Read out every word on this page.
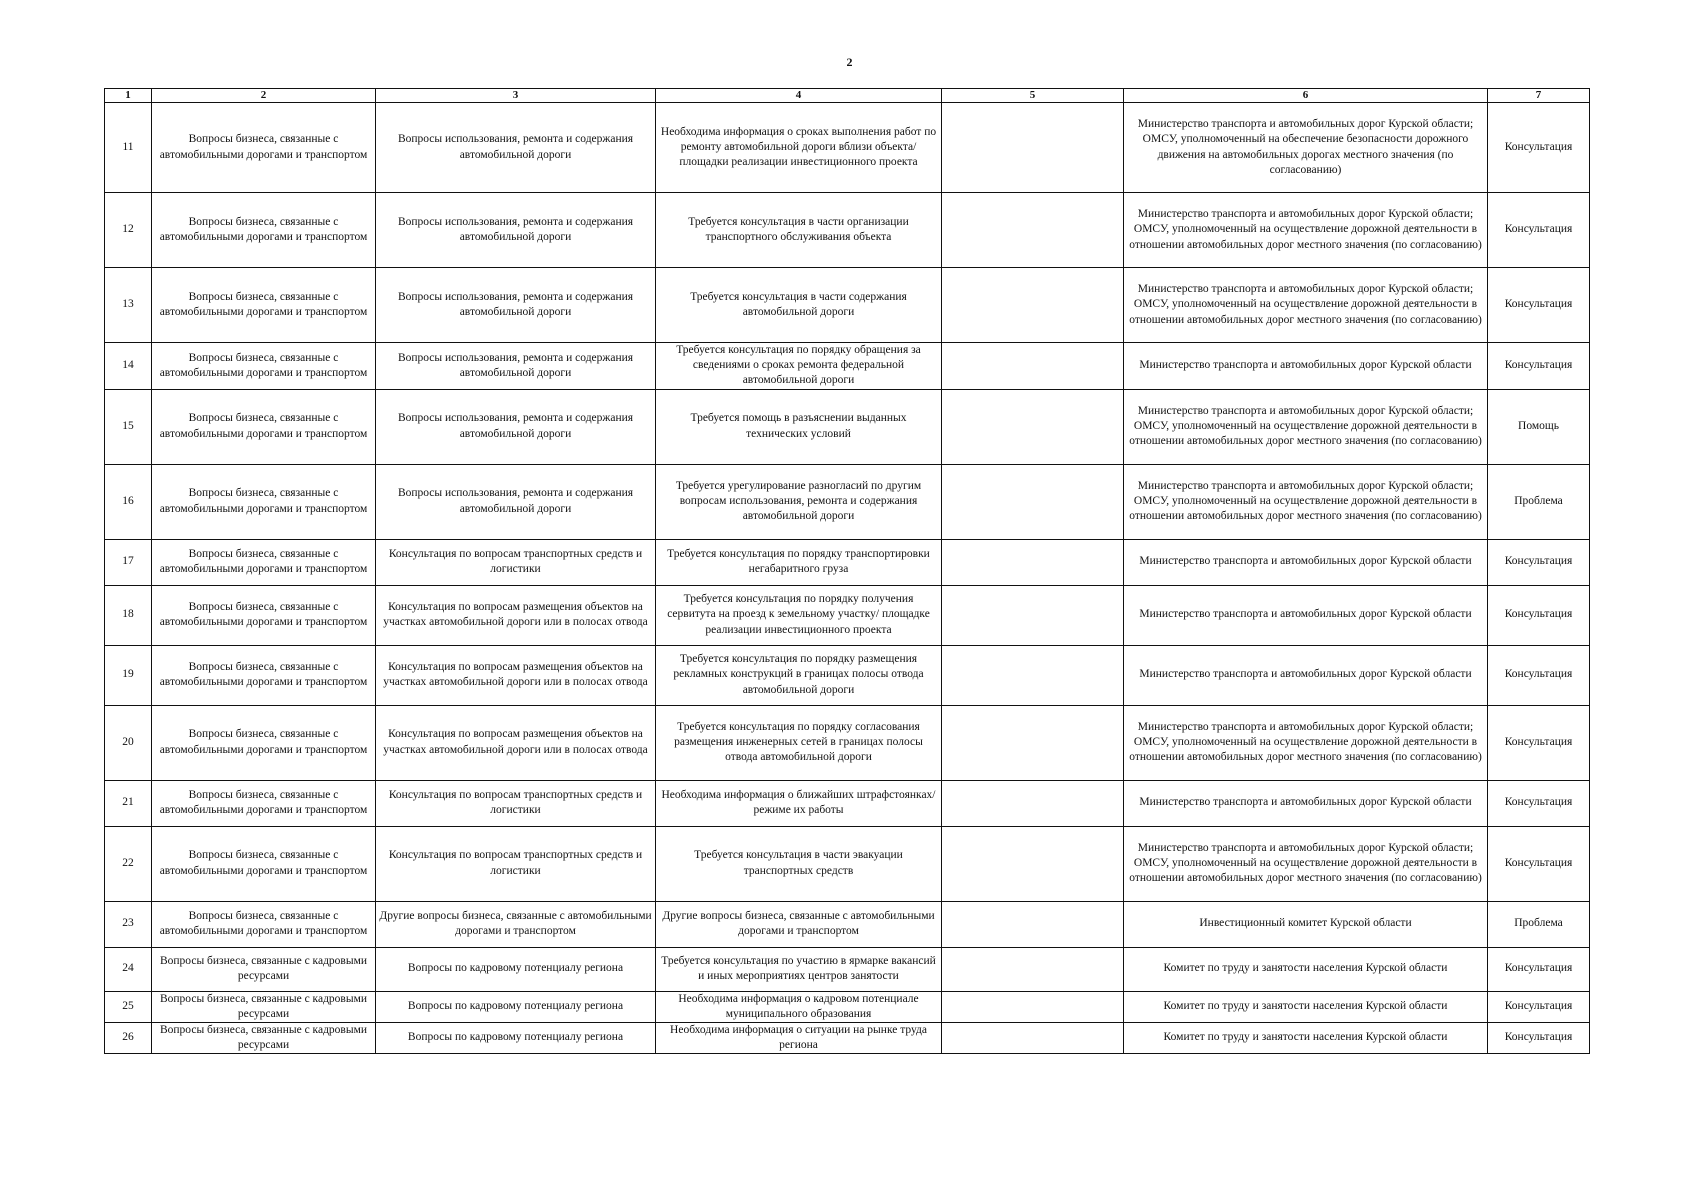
2
1	2	3	4	5	6	7
11	Вопросы бизнеса, связанные с автомобильными дорогами и транспортом	Вопросы использования, ремонта и содержания автомобильной дороги	Необходима информация о сроках выполнения работ по ремонту автомобильной дороги вблизи объекта/площадки реализации инвестиционного проекта		Министерство транспорта и автомобильных дорог Курской области; ОМСУ, уполномоченный на обеспечение безопасности дорожного движения на автомобильных дорогах местного значения (по согласованию)	Консультация
12	Вопросы бизнеса, связанные с автомобильными дорогами и транспортом	Вопросы использования, ремонта и содержания автомобильной дороги	Требуется консультация в части организации транспортного обслуживания объекта		Министерство транспорта и автомобильных дорог Курской области; ОМСУ, уполномоченный на осуществление дорожной деятельности в отношении автомобильных дорог местного значения (по согласованию)	Консультация
13	Вопросы бизнеса, связанные с автомобильными дорогами и транспортом	Вопросы использования, ремонта и содержания автомобильной дороги	Требуется консультация в части содержания автомобильной дороги		Министерство транспорта и автомобильных дорог Курской области; ОМСУ, уполномоченный на осуществление дорожной деятельности в отношении автомобильных дорог местного значения (по согласованию)	Консультация
14	Вопросы бизнеса, связанные с автомобильными дорогами и транспортом	Вопросы использования, ремонта и содержания автомобильной дороги	Требуется консультация по порядку обращения за сведениями о сроках ремонта федеральной автомобильной дороги		Министерство транспорта и автомобильных дорог Курской области	Консультация
15	Вопросы бизнеса, связанные с автомобильными дорогами и транспортом	Вопросы использования, ремонта и содержания автомобильной дороги	Требуется помощь в разъяснении выданных технических условий		Министерство транспорта и автомобильных дорог Курской области; ОМСУ, уполномоченный на осуществление дорожной деятельности в отношении автомобильных дорог местного значения (по согласованию)	Помощь
16	Вопросы бизнеса, связанные с автомобильными дорогами и транспортом	Вопросы использования, ремонта и содержания автомобильной дороги	Требуется урегулирование разногласий по другим вопросам использования, ремонта и содержания автомобильной дороги		Министерство транспорта и автомобильных дорог Курской области; ОМСУ, уполномоченный на осуществление дорожной деятельности в отношении автомобильных дорог местного значения (по согласованию)	Проблема
17	Вопросы бизнеса, связанные с автомобильными дорогами и транспортом	Консультация по вопросам транспортных средств и логистики	Требуется консультация по порядку транспортировки негабаритного груза		Министерство транспорта и автомобильных дорог Курской области	Консультация
18	Вопросы бизнеса, связанные с автомобильными дорогами и транспортом	Консультация по вопросам размещения объектов на участках автомобильной дороги или в полосах отвода	Требуется консультация по порядку получения сервитута на проезд к земельному участку/ площадке реализации инвестиционного проекта		Министерство транспорта и автомобильных дорог Курской области	Консультация
19	Вопросы бизнеса, связанные с автомобильными дорогами и транспортом	Консультация по вопросам размещения объектов на участках автомобильной дороги или в полосах отвода	Требуется консультация по порядку размещения рекламных конструкций в границах полосы отвода автомобильной дороги		Министерство транспорта и автомобильных дорог Курской области	Консультация
20	Вопросы бизнеса, связанные с автомобильными дорогами и транспортом	Консультация по вопросам размещения объектов на участках автомобильной дороги или в полосах отвода	Требуется консультация по порядку согласования размещения инженерных сетей в границах полосы отвода автомобильной дороги		Министерство транспорта и автомобильных дорог Курской области; ОМСУ, уполномоченный на осуществление дорожной деятельности в отношении автомобильных дорог местного значения (по согласованию)	Консультация
21	Вопросы бизнеса, связанные с автомобильными дорогами и транспортом	Консультация по вопросам транспортных средств и логистики	Необходима информация о ближайших штрафстоянках/режиме их работы		Министерство транспорта и автомобильных дорог Курской области	Консультация
22	Вопросы бизнеса, связанные с автомобильными дорогами и транспортом	Консультация по вопросам транспортных средств и логистики	Требуется консультация в части эвакуации транспортных средств		Министерство транспорта и автомобильных дорог Курской области; ОМСУ, уполномоченный на осуществление дорожной деятельности в отношении автомобильных дорог местного значения (по согласованию)	Консультация
23	Вопросы бизнеса, связанные с автомобильными дорогами и транспортом	Другие вопросы бизнеса, связанные с автомобильными дорогами и транспортом	Другие вопросы бизнеса, связанные с автомобильными дорогами и транспортом		Инвестиционный комитет Курской области	Проблема
24	Вопросы бизнеса, связанные с кадровыми ресурсами	Вопросы по кадровому потенциалу региона	Требуется консультация по участию в ярмарке вакансий и иных мероприятиях центров занятости		Комитет по труду и занятости населения Курской области	Консультация
25	Вопросы бизнеса, связанные с кадровыми ресурсами	Вопросы по кадровому потенциалу региона	Необходима информация о кадровом потенциале муниципального образования		Комитет по труду и занятости населения Курской области	Консультация
26	Вопросы бизнеса, связанные с кадровыми ресурсами	Вопросы по кадровому потенциалу региона	Необходима информация о ситуации на рынке труда региона		Комитет по труду и занятости населения Курской области	Консультация
